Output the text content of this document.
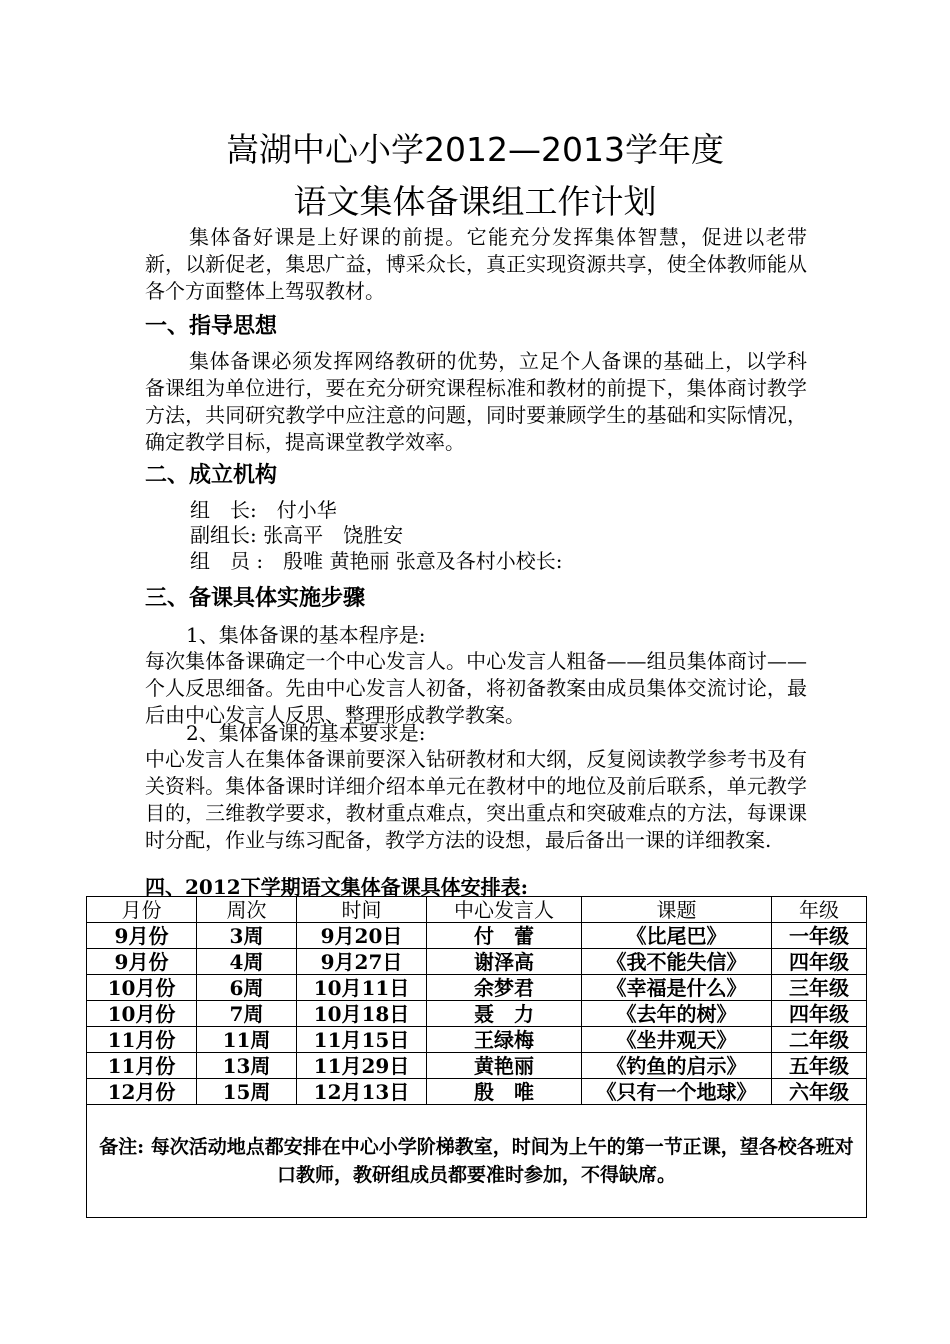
嵩湖中心小学2012—2013学年度
语文集体备课组工作计划

集体备好课是上好课的前提。它能充分发挥集体智慧，促进以老带新，以新促老，集思广益，博采众长，真正实现资源共享，使全体教师能从各个方面整体上驾驭教材。

一、指导思想

集体备课必须发挥网络教研的优势，立足个人备课的基础上，以学科备课组为单位进行，要在充分研究课程标准和教材的前提下，集体商讨教学方法，共同研究教学中应注意的问题，同时要兼顾学生的基础和实际情况，确定教学目标，提高课堂教学效率。

二、成立机构

组　长:　付小华

副组长: 张高平　饶胜安

组　员 :　殷唯 黄艳丽 张意及各村小校长:

三、备课具体实施步骤

1、集体备课的基本程序是:

每次集体备课确定一个中心发言人。中心发言人粗备——组员集体商讨——个人反思细备。先由中心发言人初备，将初备教案由成员集体交流讨论，最后由中心发言人反思、整理形成教学教案。

2、集体备课的基本要求是:

中心发言人在集体备课前要深入钻研教材和大纲，反复阅读教学参考书及有关资料。集体备课时详细介绍本单元在教材中的地位及前后联系，单元教学目的，三维教学要求，教材重点难点，突出重点和突破难点的方法，每课课时分配，作业与练习配备，教学方法的设想，最后备出一课的详细教案.

四、2012下学期语文集体备课具体安排表:

月份	周次	时间	中心发言人	课题	年级
9月份	3周	9月20日	付　蕾	《比尾巴》	一年级
9月份	4周	9月27日	谢泽高	《我不能失信》	四年级
10月份	6周	10月11日	余梦君	《幸福是什么》	三年级
10月份	7周	10月18日	聂　力	《去年的树》	四年级
11月份	11周	11月15日	王绿梅	《坐井观天》	二年级
11月份	13周	11月29日	黄艳丽	《钓鱼的启示》	五年级
12月份	15周	12月13日	殷　唯	《只有一个地球》	六年级
备注: 每次活动地点都安排在中心小学阶梯教室，时间为上午的第一节正课，望各校各班对口教师，教研组成员都要准时参加，不得缺席。					
